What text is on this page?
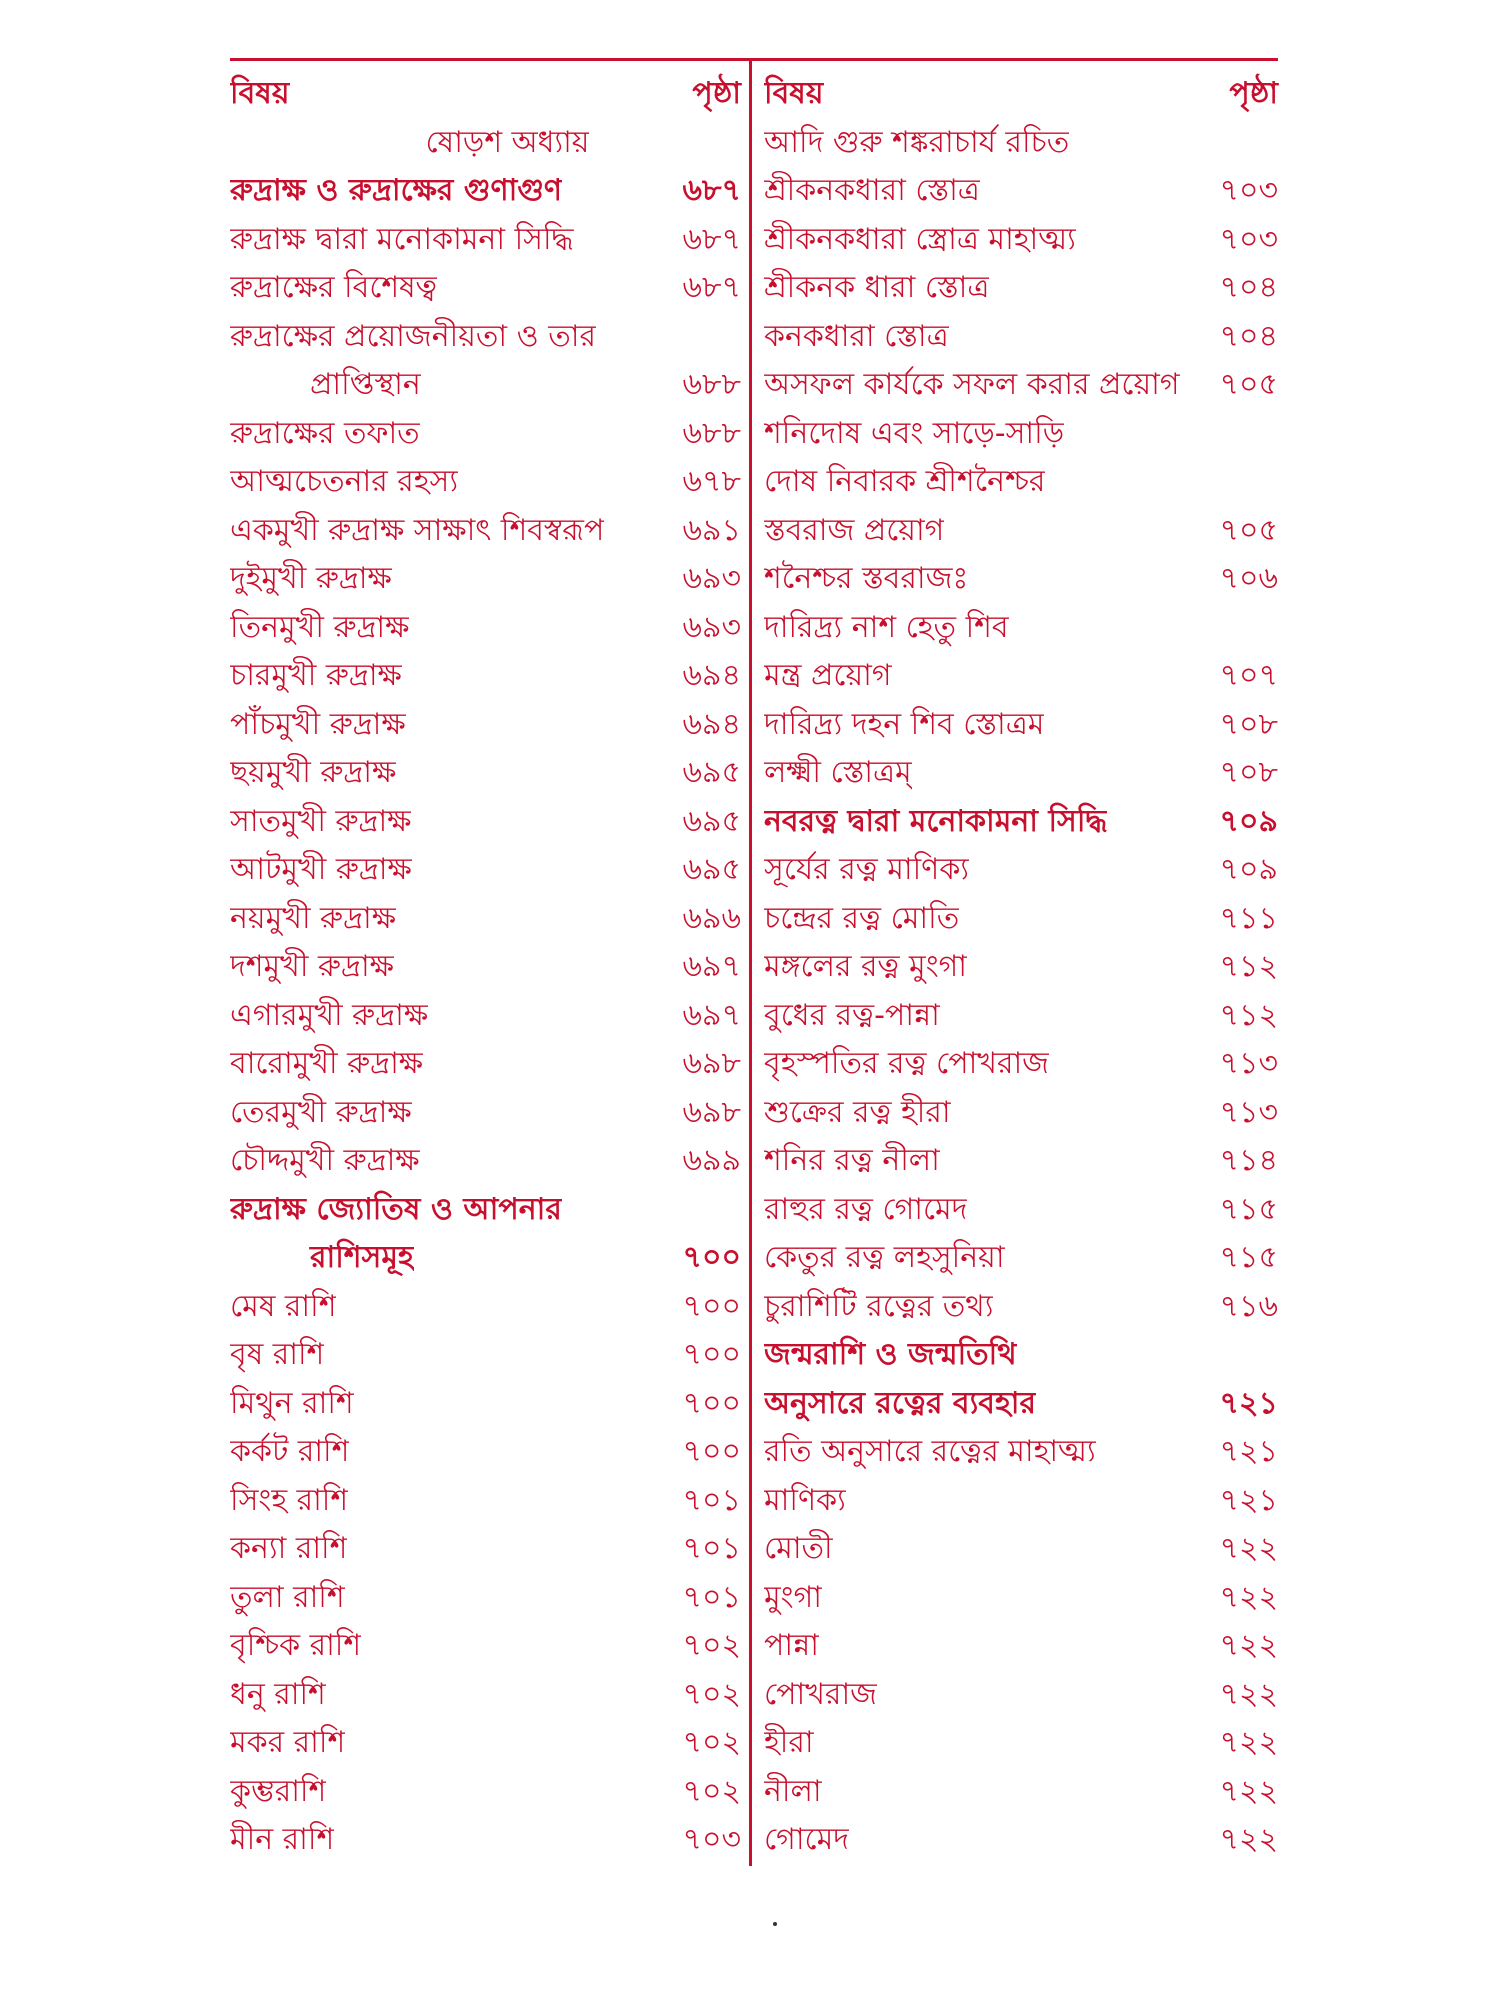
বিষয়	পৃষ্ঠা
ষোড়শ অধ্যায়
রুদ্রাক্ষ ও রুদ্রাক্ষের গুণাগুণ	৬৮৭
রুদ্রাক্ষ দ্বারা মনোকামনা সিদ্ধি	৬৮৭
রুদ্রাক্ষের বিশেষত্ব	৬৮৭
রুদ্রাক্ষের প্রয়োজনীয়তা ও তার
প্রাপ্তিস্থান	৬৮৮
রুদ্রাক্ষের তফাত	৬৮৮
আত্মচেতনার রহস্য	৬৭৮
একমুখী রুদ্রাক্ষ সাক্ষাৎ শিবস্বরূপ	৬৯১
দুইমুখী রুদ্রাক্ষ	৬৯৩
তিনমুখী রুদ্রাক্ষ	৬৯৩
চারমুখী রুদ্রাক্ষ	৬৯৪
পাঁচমুখী রুদ্রাক্ষ	৬৯৪
ছয়মুখী রুদ্রাক্ষ	৬৯৫
সাতমুখী রুদ্রাক্ষ	৬৯৫
আটমুখী রুদ্রাক্ষ	৬৯৫
নয়মুখী রুদ্রাক্ষ	৬৯৬
দশমুখী রুদ্রাক্ষ	৬৯৭
এগারমুখী রুদ্রাক্ষ	৬৯৭
বারোমুখী রুদ্রাক্ষ	৬৯৮
তেরমুখী রুদ্রাক্ষ	৬৯৮
চৌদ্দমুখী রুদ্রাক্ষ	৬৯৯
রুদ্রাক্ষ জ্যোতিষ ও আপনার
রাশিসমূহ	৭০০
মেষ রাশি	৭০০
বৃষ রাশি	৭০০
মিথুন রাশি	৭০০
কর্কট রাশি	৭০০
সিংহ রাশি	৭০১
কন্যা রাশি	৭০১
তুলা রাশি	৭০১
বৃশ্চিক রাশি	৭০২
ধনু রাশি	৭০২
মকর রাশি	৭০২
কুম্ভরাশি	৭০২
মীন রাশি	৭০৩
বিষয়	পৃষ্ঠা
আদি গুরু শঙ্করাচার্য রচিত
শ্রীকনকধারা স্তোত্র	৭০৩
শ্রীকনকধারা স্ত্রোত্র মাহাত্ম্য	৭০৩
শ্রীকনক ধারা স্তোত্র	৭০৪
কনকধারা স্তোত্র	৭০৪
অসফল কার্যকে সফল করার প্রয়োগ	৭০৫
শনিদোষ এবং সাড়ে-সাড়ি
দোষ নিবারক শ্রীশনৈশ্চর
স্তবরাজ প্রয়োগ	৭০৫
শনৈশ্চর স্তবরাজঃ	৭০৬
দারিদ্র্য নাশ হেতু শিব
মন্ত্র প্রয়োগ	৭০৭
দারিদ্র্য দহন শিব স্তোত্রম	৭০৮
লক্ষ্মী স্তোত্রম্	৭০৮
নবরত্ন দ্বারা মনোকামনা সিদ্ধি	৭০৯
সূর্যের রত্ন মাণিক্য	৭০৯
চন্দ্রের রত্ন মোতি	৭১১
মঙ্গলের রত্ন মুংগা	৭১২
বুধের রত্ন-পান্না	৭১২
বৃহস্পতির রত্ন পোখরাজ	৭১৩
শুক্রের রত্ন হীরা	৭১৩
শনির রত্ন নীলা	৭১৪
রাহুর রত্ন গোমেদ	৭১৫
কেতুর রত্ন লহসুনিয়া	৭১৫
চুরাশিটি রত্নের তথ্য	৭১৬
জন্মরাশি ও জন্মতিথি
অনুসারে রত্নের ব্যবহার	৭২১
রতি অনুসারে রত্নের মাহাত্ম্য	৭২১
মাণিক্য	৭২১
মোতী	৭২২
মুংগা	৭২২
পান্না	৭২২
পোখরাজ	৭২২
হীরা	৭২২
নীলা	৭২২
গোমেদ	৭২২
